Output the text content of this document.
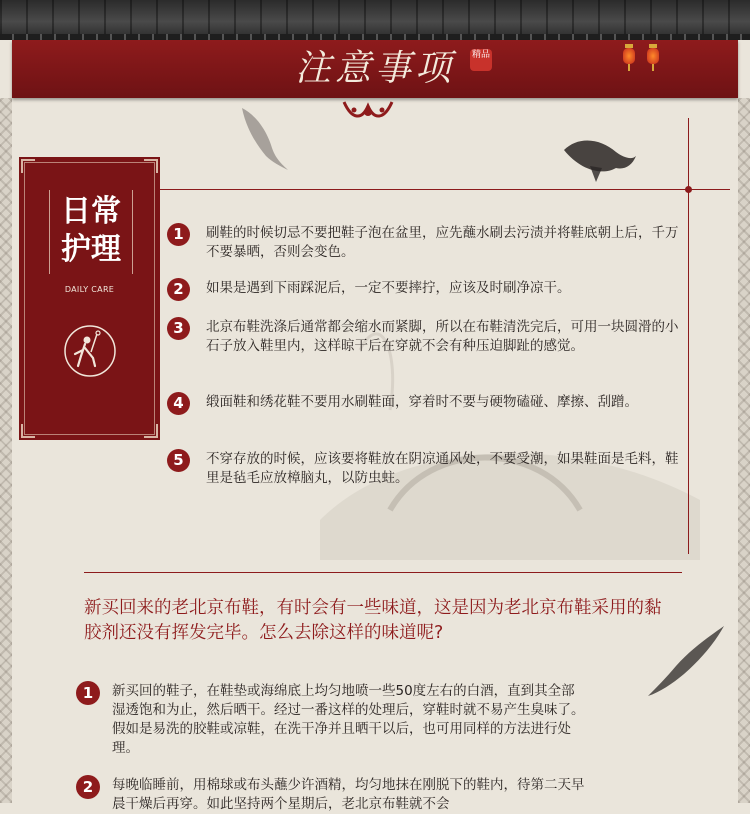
注意事项	精品
日常
护理
DAILY CARE
1	刷鞋的时候切忌不要把鞋子泡在盆里，应先蘸水刷去污渍并将鞋底朝上后，千万不要暴晒，否则会变色。
2	如果是遇到下雨踩泥后，一定不要摔拧，应该及时刷净凉干。
3	北京布鞋洗涤后通常都会缩水而紧脚，所以在布鞋清洗完后，可用一块圆滑的小石子放入鞋里内，这样晾干后在穿就不会有种压迫脚趾的感觉。
4	缎面鞋和绣花鞋不要用水刷鞋面，穿着时不要与硬物磕碰、摩擦、刮蹭。
5	不穿存放的时候，应该要将鞋放在阴凉通风处，不要受潮，如果鞋面是毛料，鞋里是毡毛应放樟脑丸，以防虫蛀。
新买回来的老北京布鞋，有时会有一些味道，这是因为老北京布鞋采用的黏胶剂还没有挥发完毕。怎么去除这样的味道呢?
1	新买回的鞋子，在鞋垫或海绵底上均匀地喷一些50度左右的白酒，直到其全部湿透饱和为止，然后晒干。经过一番这样的处理后，穿鞋时就不易产生臭味了。假如是易洗的胶鞋或凉鞋，在洗干净并且晒干以后，也可用同样的方法进行处理。
2	每晚临睡前，用棉球或布头蘸少许酒精，均匀地抹在刚脱下的鞋内，待第二天早晨干燥后再穿。如此坚持两个星期后，老北京布鞋就不会
